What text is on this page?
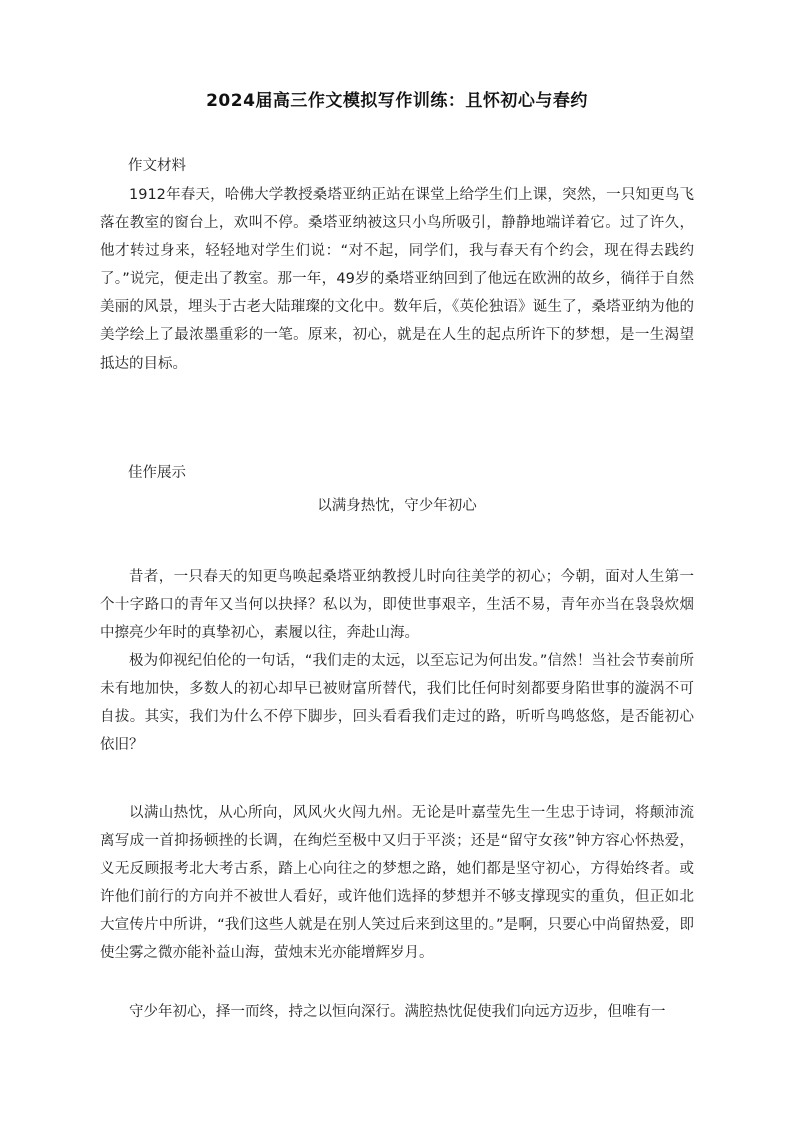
2024届高三作文模拟写作训练：且怀初心与春约
作文材料

1912年春天，哈佛大学教授桑塔亚纳正站在课堂上给学生们上课，突然，一只知更鸟飞落在教室的窗台上，欢叫不停。桑塔亚纳被这只小鸟所吸引，静静地端详着它。过了许久，他才转过身来，轻轻地对学生们说：“对不起，同学们，我与春天有个约会，现在得去践约了。”说完，便走出了教室。那一年，49岁的桑塔亚纳回到了他远在欧洲的故乡，徜徉于自然美丽的风景，埋头于古老大陆璀璨的文化中。数年后，《英伦独语》诞生了，桑塔亚纳为他的美学绘上了最浓墨重彩的一笔。原来，初心，就是在人生的起点所许下的梦想，是一生渴望抵达的目标。

佳作展示
以满身热忱，守少年初心

昔者，一只春天的知更鸟唤起桑塔亚纳教授儿时向往美学的初心；今朝，面对人生第一个十字路口的青年又当何以抉择？私以为，即使世事艰辛，生活不易，青年亦当在袅袅炊烟中擦亮少年时的真挚初心，素履以往，奔赴山海。

极为仰视纪伯伦的一句话，“我们走的太远，以至忘记为何出发。”信然！当社会节奏前所未有地加快，多数人的初心却早已被财富所替代，我们比任何时刻都要身陷世事的漩涡不可自拔。其实，我们为什么不停下脚步，回头看看我们走过的路，听听鸟鸣悠悠，是否能初心依旧？

以满山热忱，从心所向，风风火火闯九州。无论是叶嘉莹先生一生忠于诗词，将颠沛流离写成一首抑扬顿挫的长调，在绚烂至极中又归于平淡；还是“留守女孩”钟方容心怀热爱，义无反顾报考北大考古系，踏上心向往之的梦想之路，她们都是坚守初心，方得始终者。或许他们前行的方向并不被世人看好，或许他们选择的梦想并不够支撑现实的重负，但正如北大宣传片中所讲，“我们这些人就是在别人笑过后来到这里的。”是啊，只要心中尚留热爱，即使尘雾之微亦能补益山海，萤烛末光亦能增辉岁月。

守少年初心，择一而终，持之以恒向深行。满腔热忱促使我们向远方迈步，但唯有一
